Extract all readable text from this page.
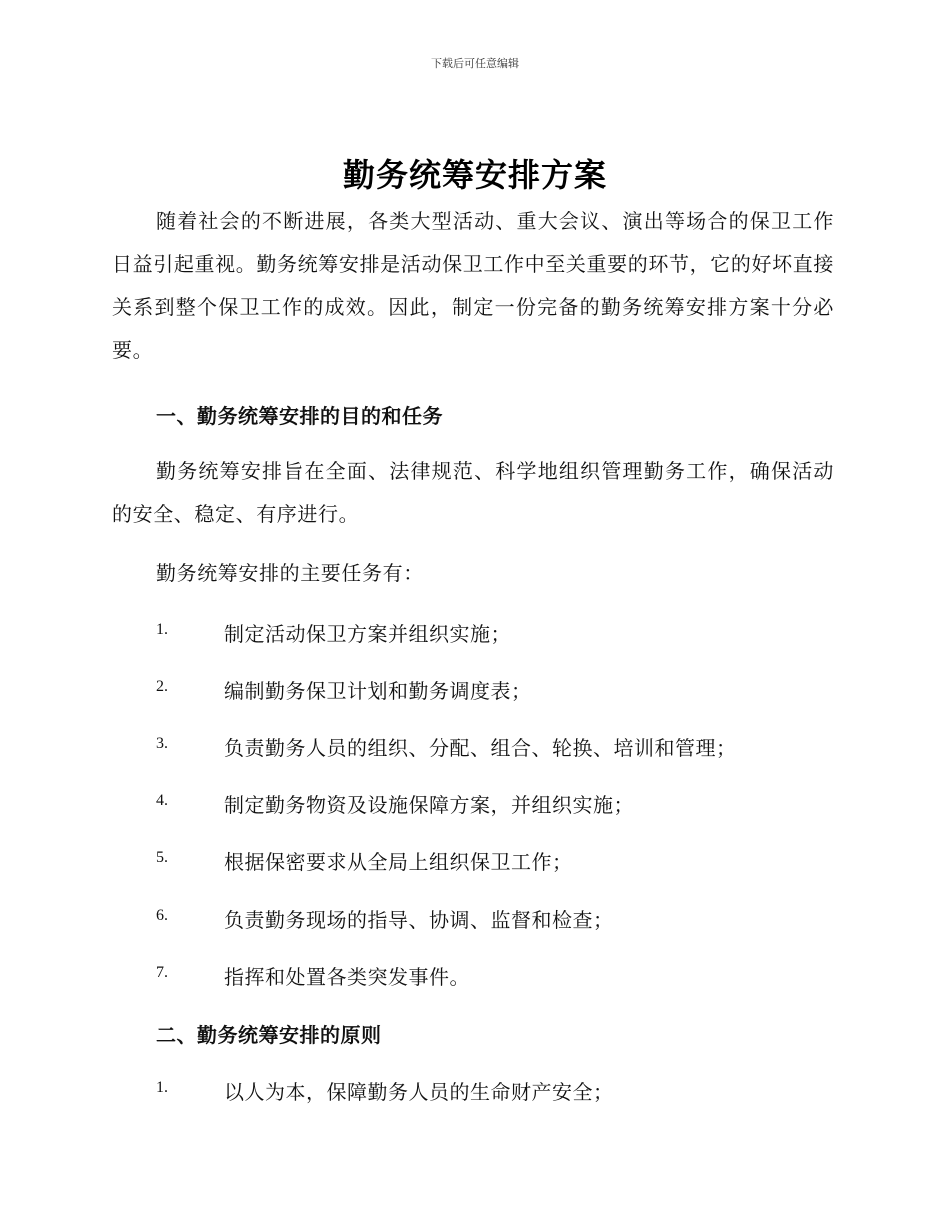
下载后可任意编辑
勤务统筹安排方案
随着社会的不断进展，各类大型活动、重大会议、演出等场合的保卫工作日益引起重视。勤务统筹安排是活动保卫工作中至关重要的环节，它的好坏直接关系到整个保卫工作的成效。因此，制定一份完备的勤务统筹安排方案十分必要。
一、勤务统筹安排的目的和任务
勤务统筹安排旨在全面、法律规范、科学地组织管理勤务工作，确保活动的安全、稳定、有序进行。
勤务统筹安排的主要任务有：
1.	制定活动保卫方案并组织实施；
2.	编制勤务保卫计划和勤务调度表；
3.	负责勤务人员的组织、分配、组合、轮换、培训和管理；
4.	制定勤务物资及设施保障方案，并组织实施；
5.	根据保密要求从全局上组织保卫工作；
6.	负责勤务现场的指导、协调、监督和检查；
7.	指挥和处置各类突发事件。
二、勤务统筹安排的原则
1.	以人为本，保障勤务人员的生命财产安全；
